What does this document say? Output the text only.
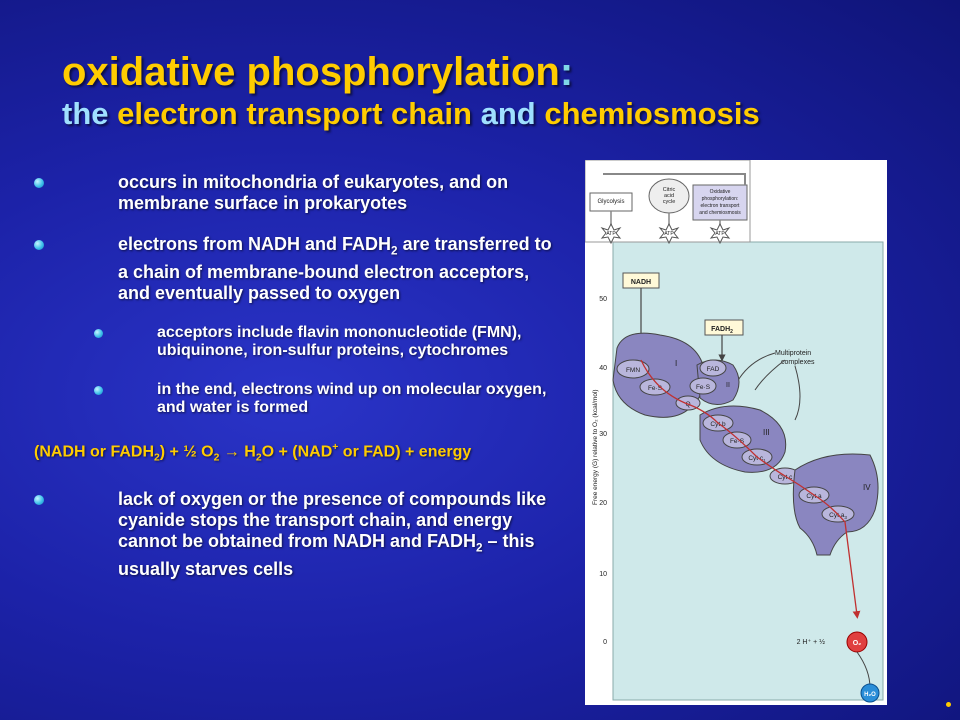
oxidative phosphorylation:
the electron transport chain and chemiosmosis
occurs in mitochondria of eukaryotes, and on membrane surface in prokaryotes
electrons from NADH and $FADH_2$ are transferred to a chain of membrane-bound electron acceptors, and eventually passed to oxygen
acceptors include flavin mononucleotide (FMN), ubiquinone, iron-sulfur proteins, cytochromes
in the end, electrons wind up on molecular oxygen, and water is formed
(NADH or $FADH_2$) + ½ $O_2 \to H_2O + (NAD^+$ or FAD) + energy
lack of oxygen or the presence of compounds like cyanide stops the transport chain, and energy cannot be obtained from NADH and $FADH_2$ – this usually starves cells
Glycolysis
Citric
acid
cycle
Oxidative
phosphorylation:
electron transport
and chemiosmosis
ATP	ATP	ATP
50
40
30
20
10
0
Free energy (G) relative to O₂ (kcal/mol)
NADH
$FADH_2$
Multiprotein
complexes
FMN
Fe·S
I
FAD
Fe·S II
Q
Cyt b
Fe·S
Cyt $c_1$
III
Cyt c
Cyt a
Cyt $a_3$
IV
2 H⁺ + ½	O₂
H₂O
